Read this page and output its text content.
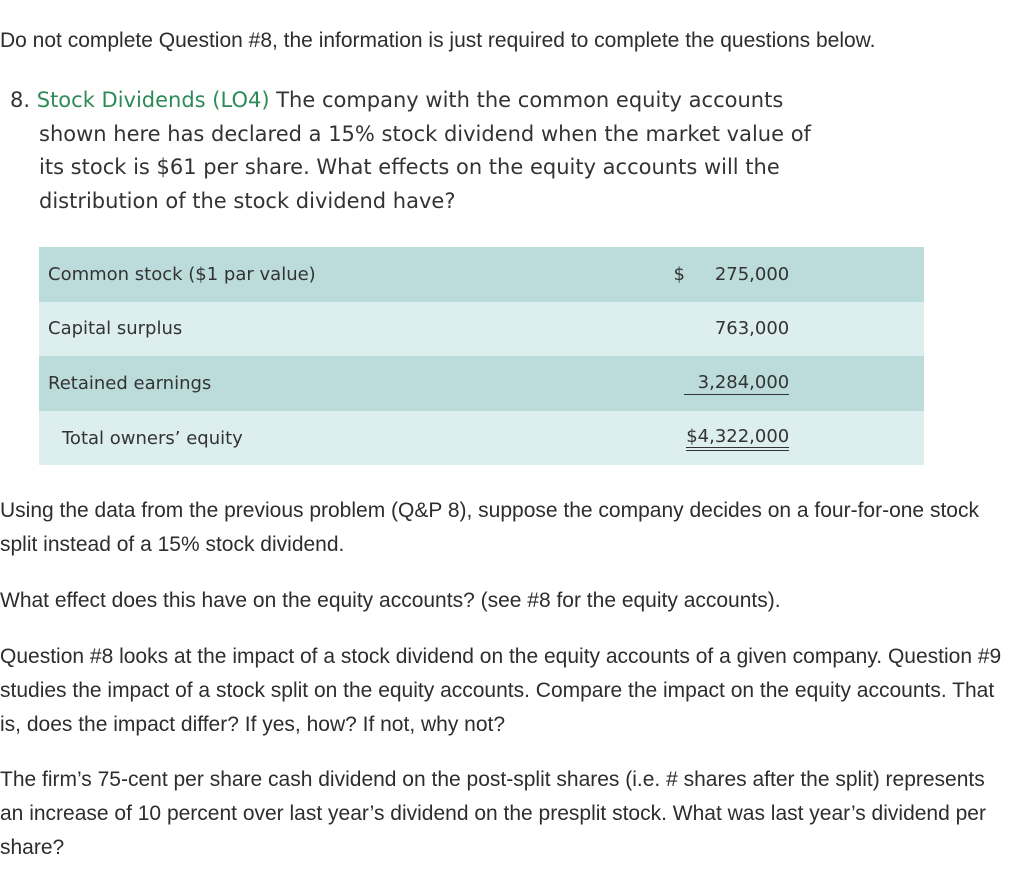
Do not complete Question #8, the information is just required to complete the questions below.

8. Stock Dividends (LO4) The company with the common equity accounts
shown here has declared a 15% stock dividend when the market value of
its stock is $61 per share. What effects on the equity accounts will the
distribution of the stock dividend have?
Common stock ($1 par value)	$ 275,000	
Capital surplus	763,000	
Retained earnings	3,284,000	
Total owners’ equity	$4,322,000	

Using the data from the previous problem (Q&P 8), suppose the company decides on a four-for-one stock split instead of a 15% stock dividend.

What effect does this have on the equity accounts? (see #8 for the equity accounts).

Question #8 looks at the impact of a stock dividend on the equity accounts of a given company. Question #9 studies the impact of a stock split on the equity accounts. Compare the impact on the equity accounts. That is, does the impact differ? If yes, how? If not, why not?

The firm’s 75-cent per share cash dividend on the post-split shares (i.e. # shares after the split) represents an increase of 10 percent over last year’s dividend on the presplit stock. What was last year’s dividend per share?
